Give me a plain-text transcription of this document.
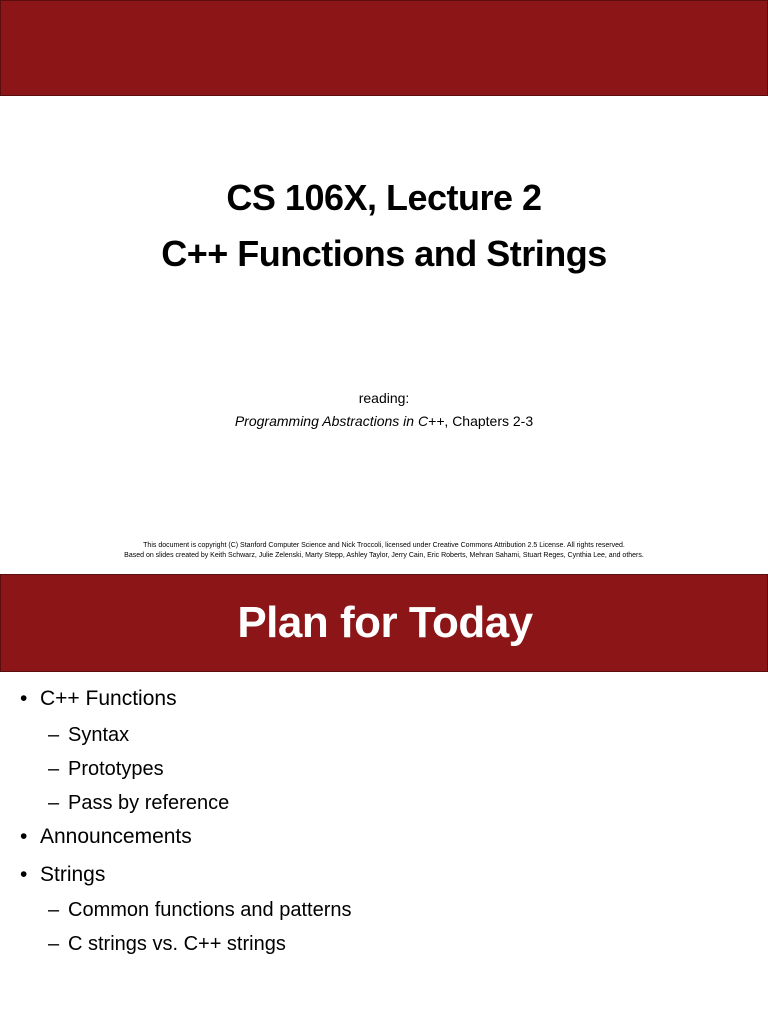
CS 106X, Lecture 2
C++ Functions and Strings
reading:
Programming Abstractions in C++, Chapters 2-3
This document is copyright (C) Stanford Computer Science and Nick Troccoli, licensed under Creative Commons Attribution 2.5 License. All rights reserved.
Based on slides created by Keith Schwarz, Julie Zelenski, Marty Stepp, Ashley Taylor, Jerry Cain, Eric Roberts, Mehran Sahami, Stuart Reges, Cynthia Lee, and others.
Plan for Today
• C++ Functions
– Syntax
– Prototypes
– Pass by reference
• Announcements
• Strings
– Common functions and patterns
– C strings vs. C++ strings
